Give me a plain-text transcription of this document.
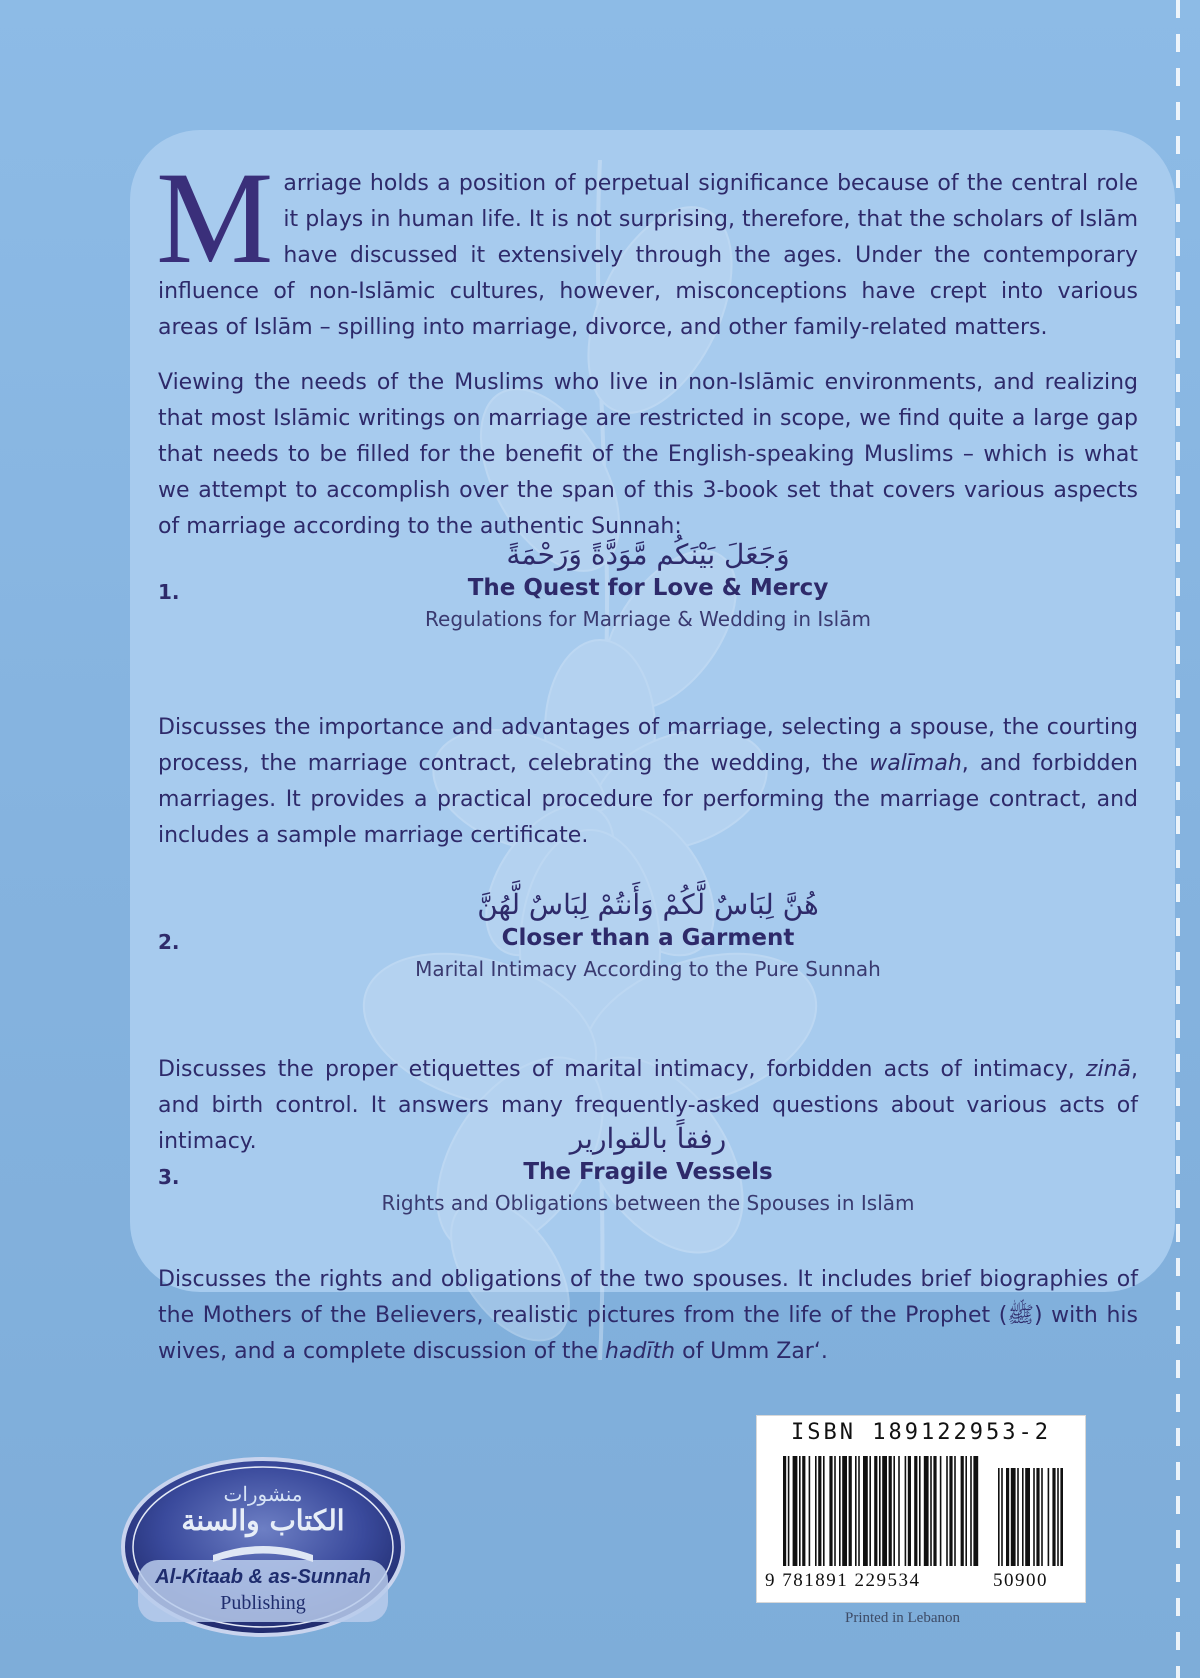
Marriage holds a position of perpetual significance because of the central role it plays in human life. It is not surprising, therefore, that the scholars of Islām have discussed it extensively through the ages. Under the contemporary influence of non-Islāmic cultures, however, misconceptions have crept into various areas of Islām – spilling into marriage, divorce, and other family-related matters.
Viewing the needs of the Muslims who live in non-Islāmic environments, and realizing that most Islāmic writings on marriage are restricted in scope, we find quite a large gap that needs to be filled for the benefit of the English-speaking Muslims – which is what we attempt to accomplish over the span of this 3-book set that covers various aspects of marriage according to the authentic Sunnah:
1.
وَجَعَلَ بَيْنَكُم مَّوَدَّةً وَرَحْمَةً
The Quest for Love & Mercy
Regulations for Marriage & Wedding in Islām
Discusses the importance and advantages of marriage, selecting a spouse, the courting process, the marriage contract, celebrating the wedding, the walīmah, and forbidden marriages. It provides a practical procedure for performing the marriage contract, and includes a sample marriage certificate.
2.
هُنَّ لِبَاسٌ لَّكُمْ وَأَنتُمْ لِبَاسٌ لَّهُنَّ
Closer than a Garment
Marital Intimacy According to the Pure Sunnah
Discusses the proper etiquettes of marital intimacy, forbidden acts of intimacy, zinā, and birth control. It answers many frequently-asked questions about various acts of intimacy.
3.
رفقاً بالقوارير
The Fragile Vessels
Rights and Obligations between the Spouses in Islām
Discusses the rights and obligations of the two spouses. It includes brief biographies of the Mothers of the Believers, realistic pictures from the life of the Prophet (ﷺ) with his wives, and a complete discussion of the hadīth of Umm Zar‘.
منشورات
الكتاب والسنة
Al-Kitaab & as-Sunnah
Publishing
ISBN 189122953-2
9 781891 229534	50900
Printed in Lebanon
